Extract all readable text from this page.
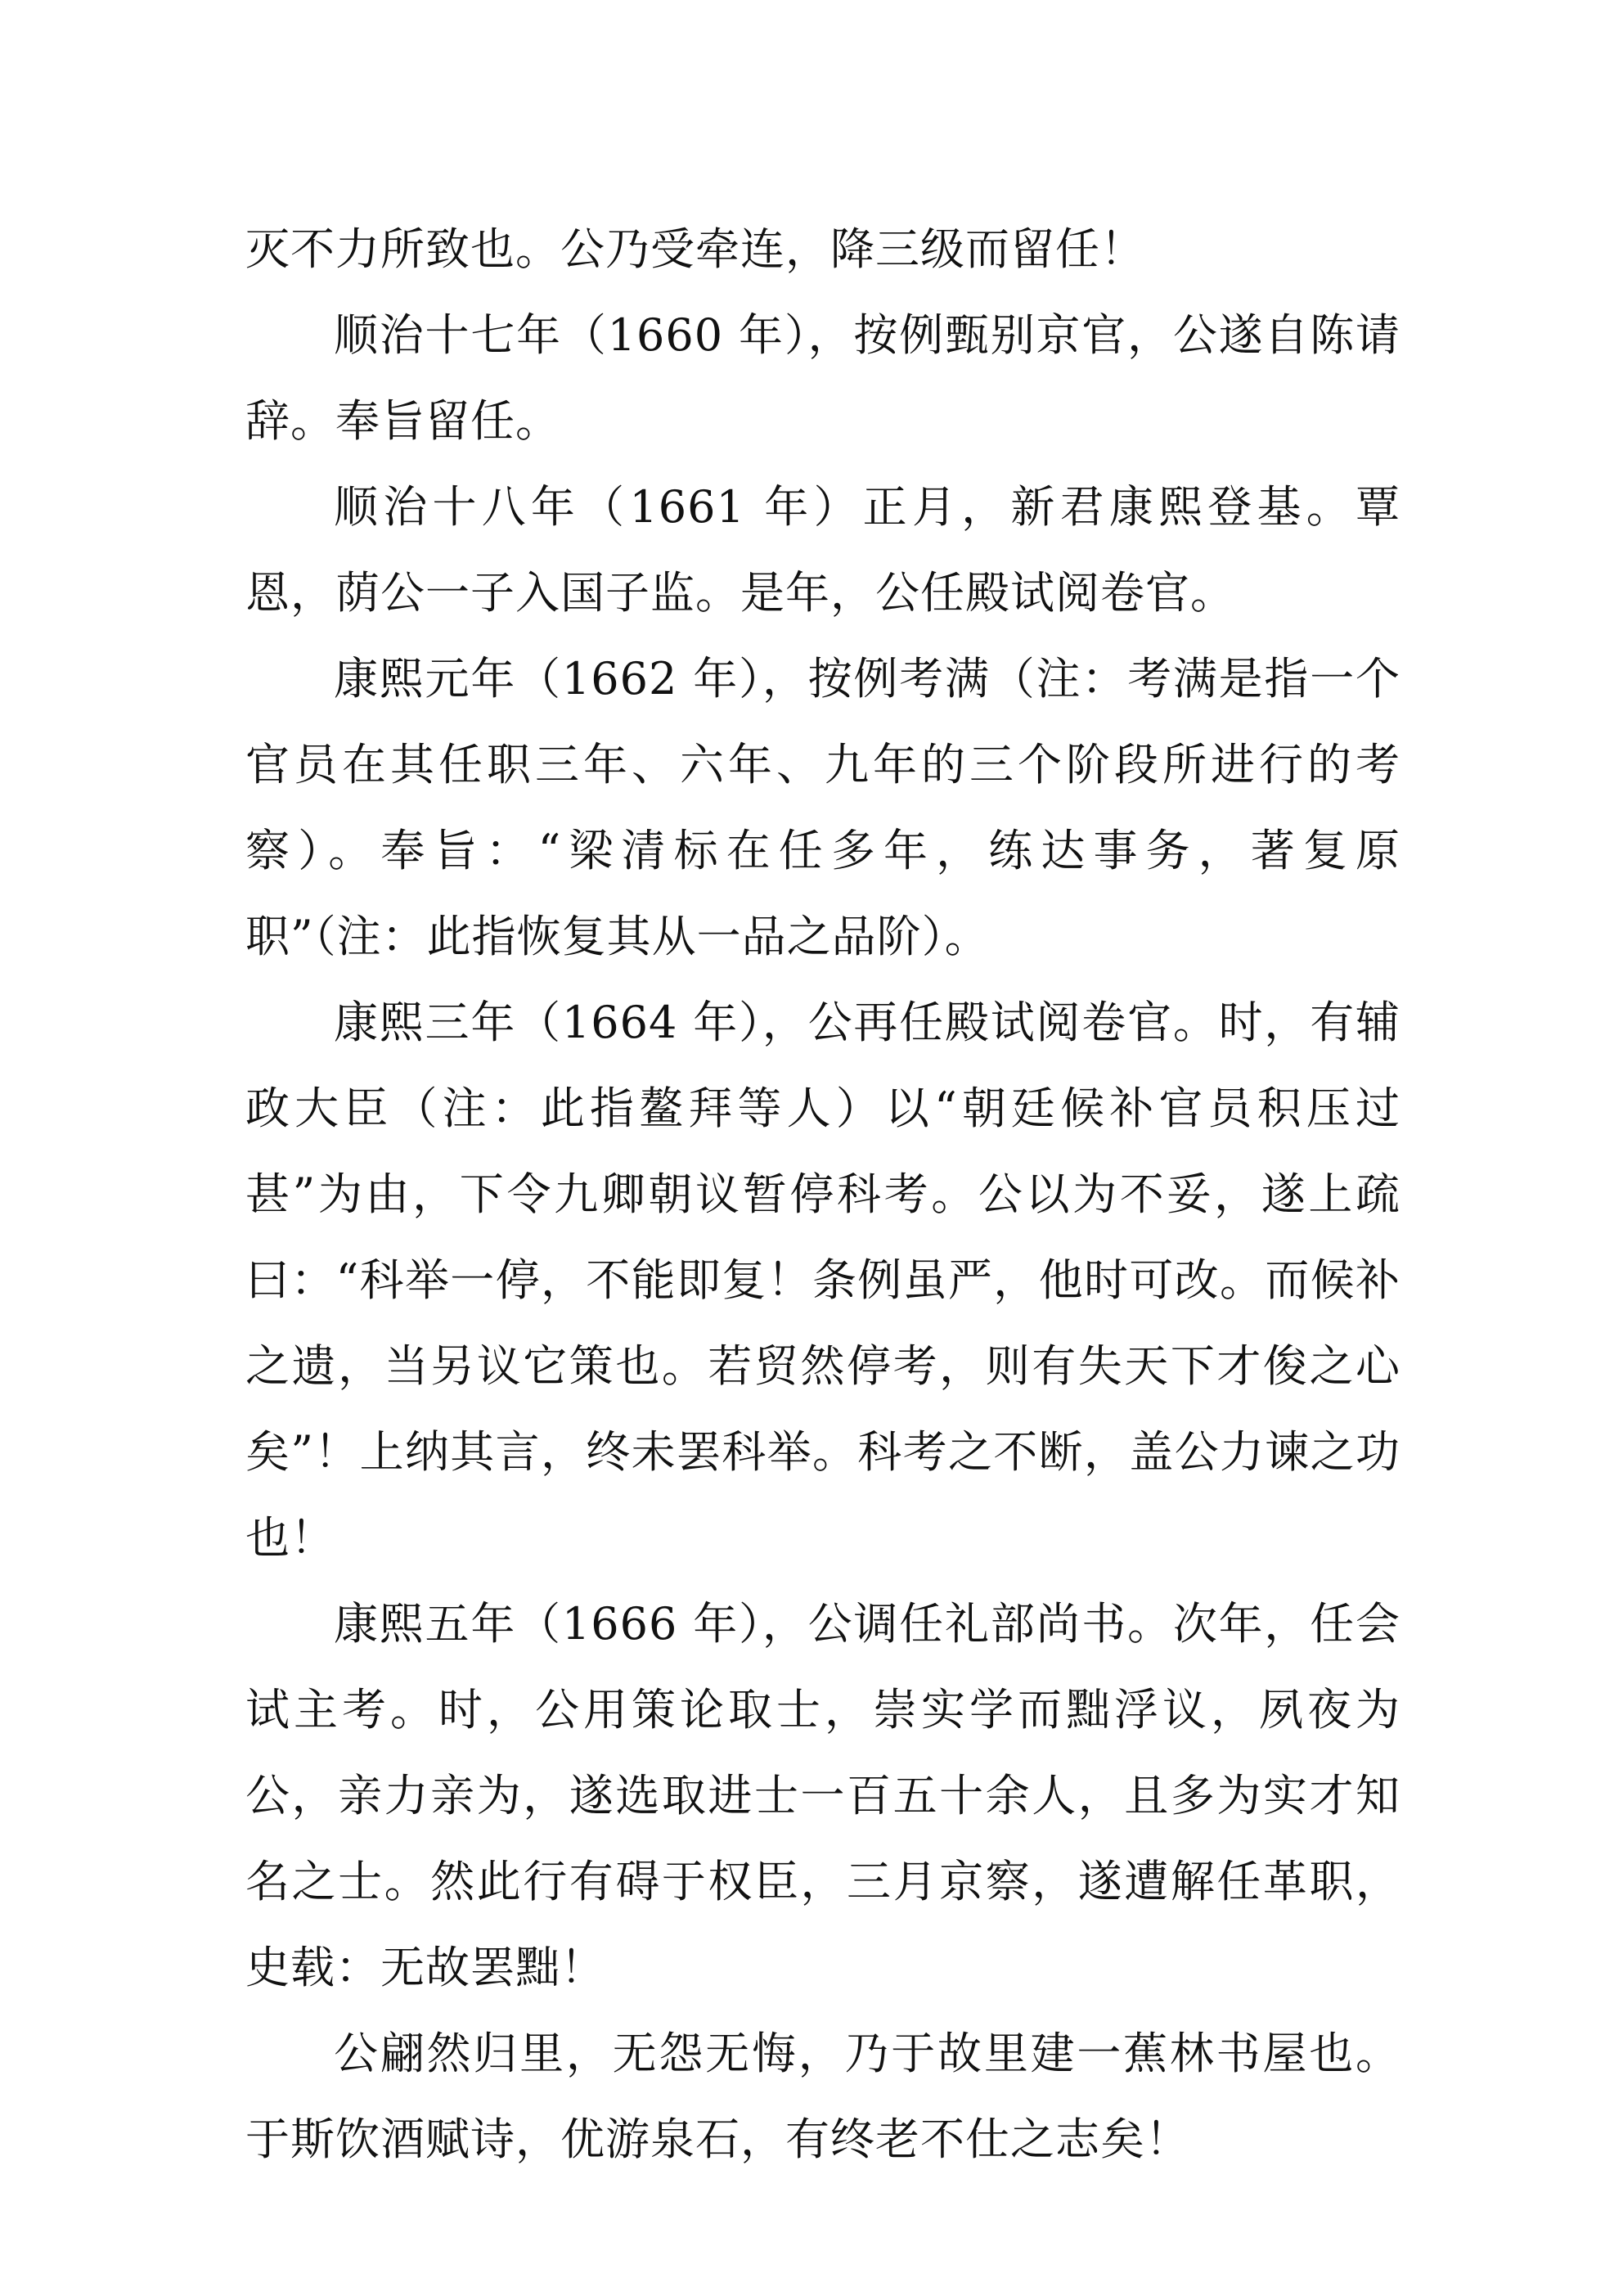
灭不力所致也。公乃受牵连，降三级而留任！

顺治十七年（1660 年），按例甄别京官，公遂自陈请辞。奉旨留任。

顺治十八年（1661 年）正月，新君康熙登基。覃恩，荫公一子入国子监。是年，公任殿试阅卷官。

康熙元年（1662 年），按例考满（注：考满是指一个官员在其任职三年、六年、九年的三个阶段所进行的考察）。奉旨：“梁清标在任多年，练达事务，著复原职”（注：此指恢复其从一品之品阶）。

康熙三年（1664 年），公再任殿试阅卷官。时，有辅政大臣（注：此指鳌拜等人）以“朝廷候补官员积压过甚”为由，下令九卿朝议暂停科考。公以为不妥，遂上疏曰：“科举一停，不能即复！条例虽严，他时可改。而候补之遗，当另议它策也。若贸然停考，则有失天下才俊之心矣”！上纳其言，终未罢科举。科考之不断，盖公力谏之功也！

康熙五年（1666 年），公调任礼部尚书。次年，任会试主考。时，公用策论取士，崇实学而黜浮议，夙夜为公，亲力亲为，遂选取进士一百五十余人，且多为实才知名之士。然此行有碍于权臣，三月京察，遂遭解任革职，史载：无故罢黜！

公翩然归里，无怨无悔，乃于故里建一蕉林书屋也。于斯饮酒赋诗，优游泉石，有终老不仕之志矣！
